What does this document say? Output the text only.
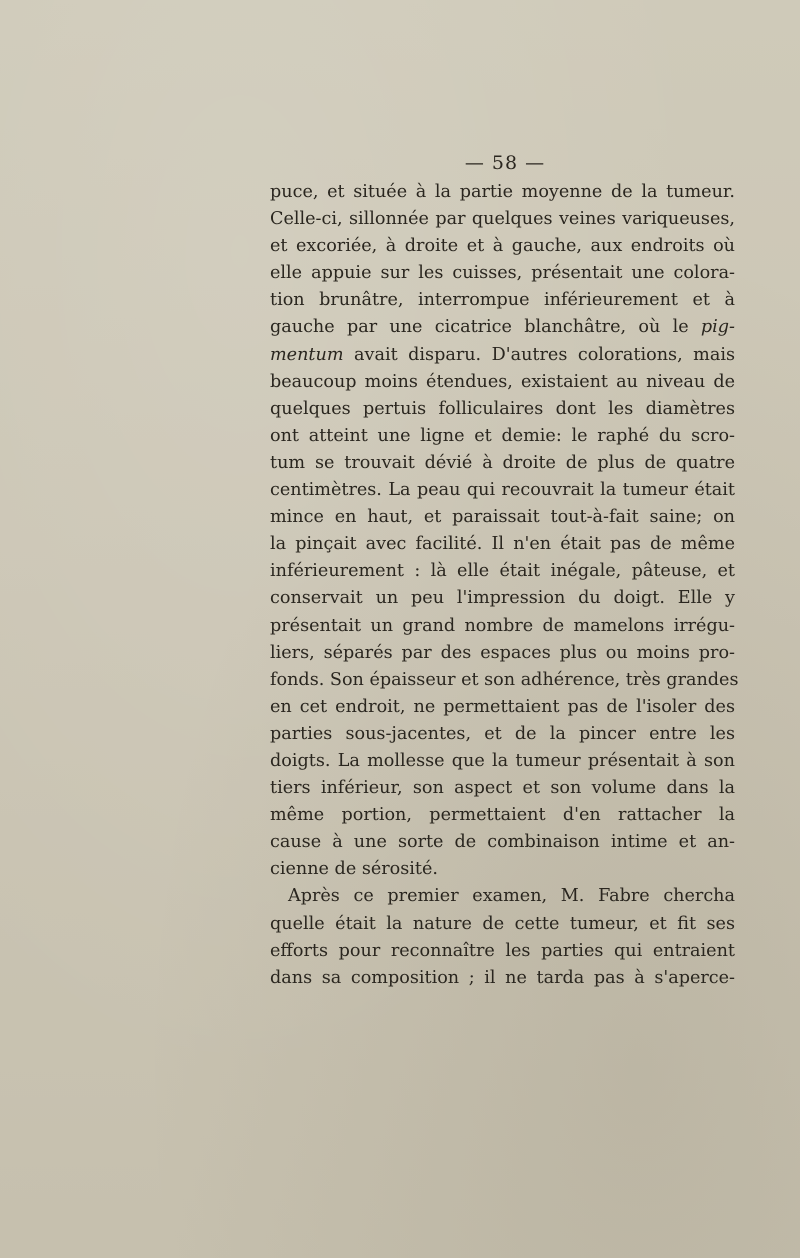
— 58 —
puce, et située à la partie moyenne de la tumeur.
Celle-ci, sillonnée par quelques veines variqueuses,
et excoriée, à droite et à gauche, aux endroits où
elle appuie sur les cuisses, présentait une colora-
tion brunâtre, interrompue inférieurement et à
gauche par une cicatrice blanchâtre, où le pig-
mentum avait disparu. D'autres colorations, mais
beaucoup moins étendues, existaient au niveau de
quelques pertuis folliculaires dont les diamètres
ont atteint une ligne et demie: le raphé du scro-
tum se trouvait dévié à droite de plus de quatre
centimètres. La peau qui recouvrait la tumeur était
mince en haut, et paraissait tout-à-fait saine; on
la pinçait avec facilité. Il n'en était pas de même
inférieurement : là elle était inégale, pâteuse, et
conservait un peu l'impression du doigt. Elle y
présentait un grand nombre de mamelons irrégu-
liers, séparés par des espaces plus ou moins pro-
fonds. Son épaisseur et son adhérence, très grandes
en cet endroit, ne permettaient pas de l'isoler des
parties sous-jacentes, et de la pincer entre les
doigts. La mollesse que la tumeur présentait à son
tiers inférieur, son aspect et son volume dans la
même portion, permettaient d'en rattacher la
cause à une sorte de combinaison intime et an-
cienne de sérosité.
Après ce premier examen, M. Fabre chercha
quelle était la nature de cette tumeur, et fit ses
efforts pour reconnaître les parties qui entraient
dans sa composition ; il ne tarda pas à s'aperce-
